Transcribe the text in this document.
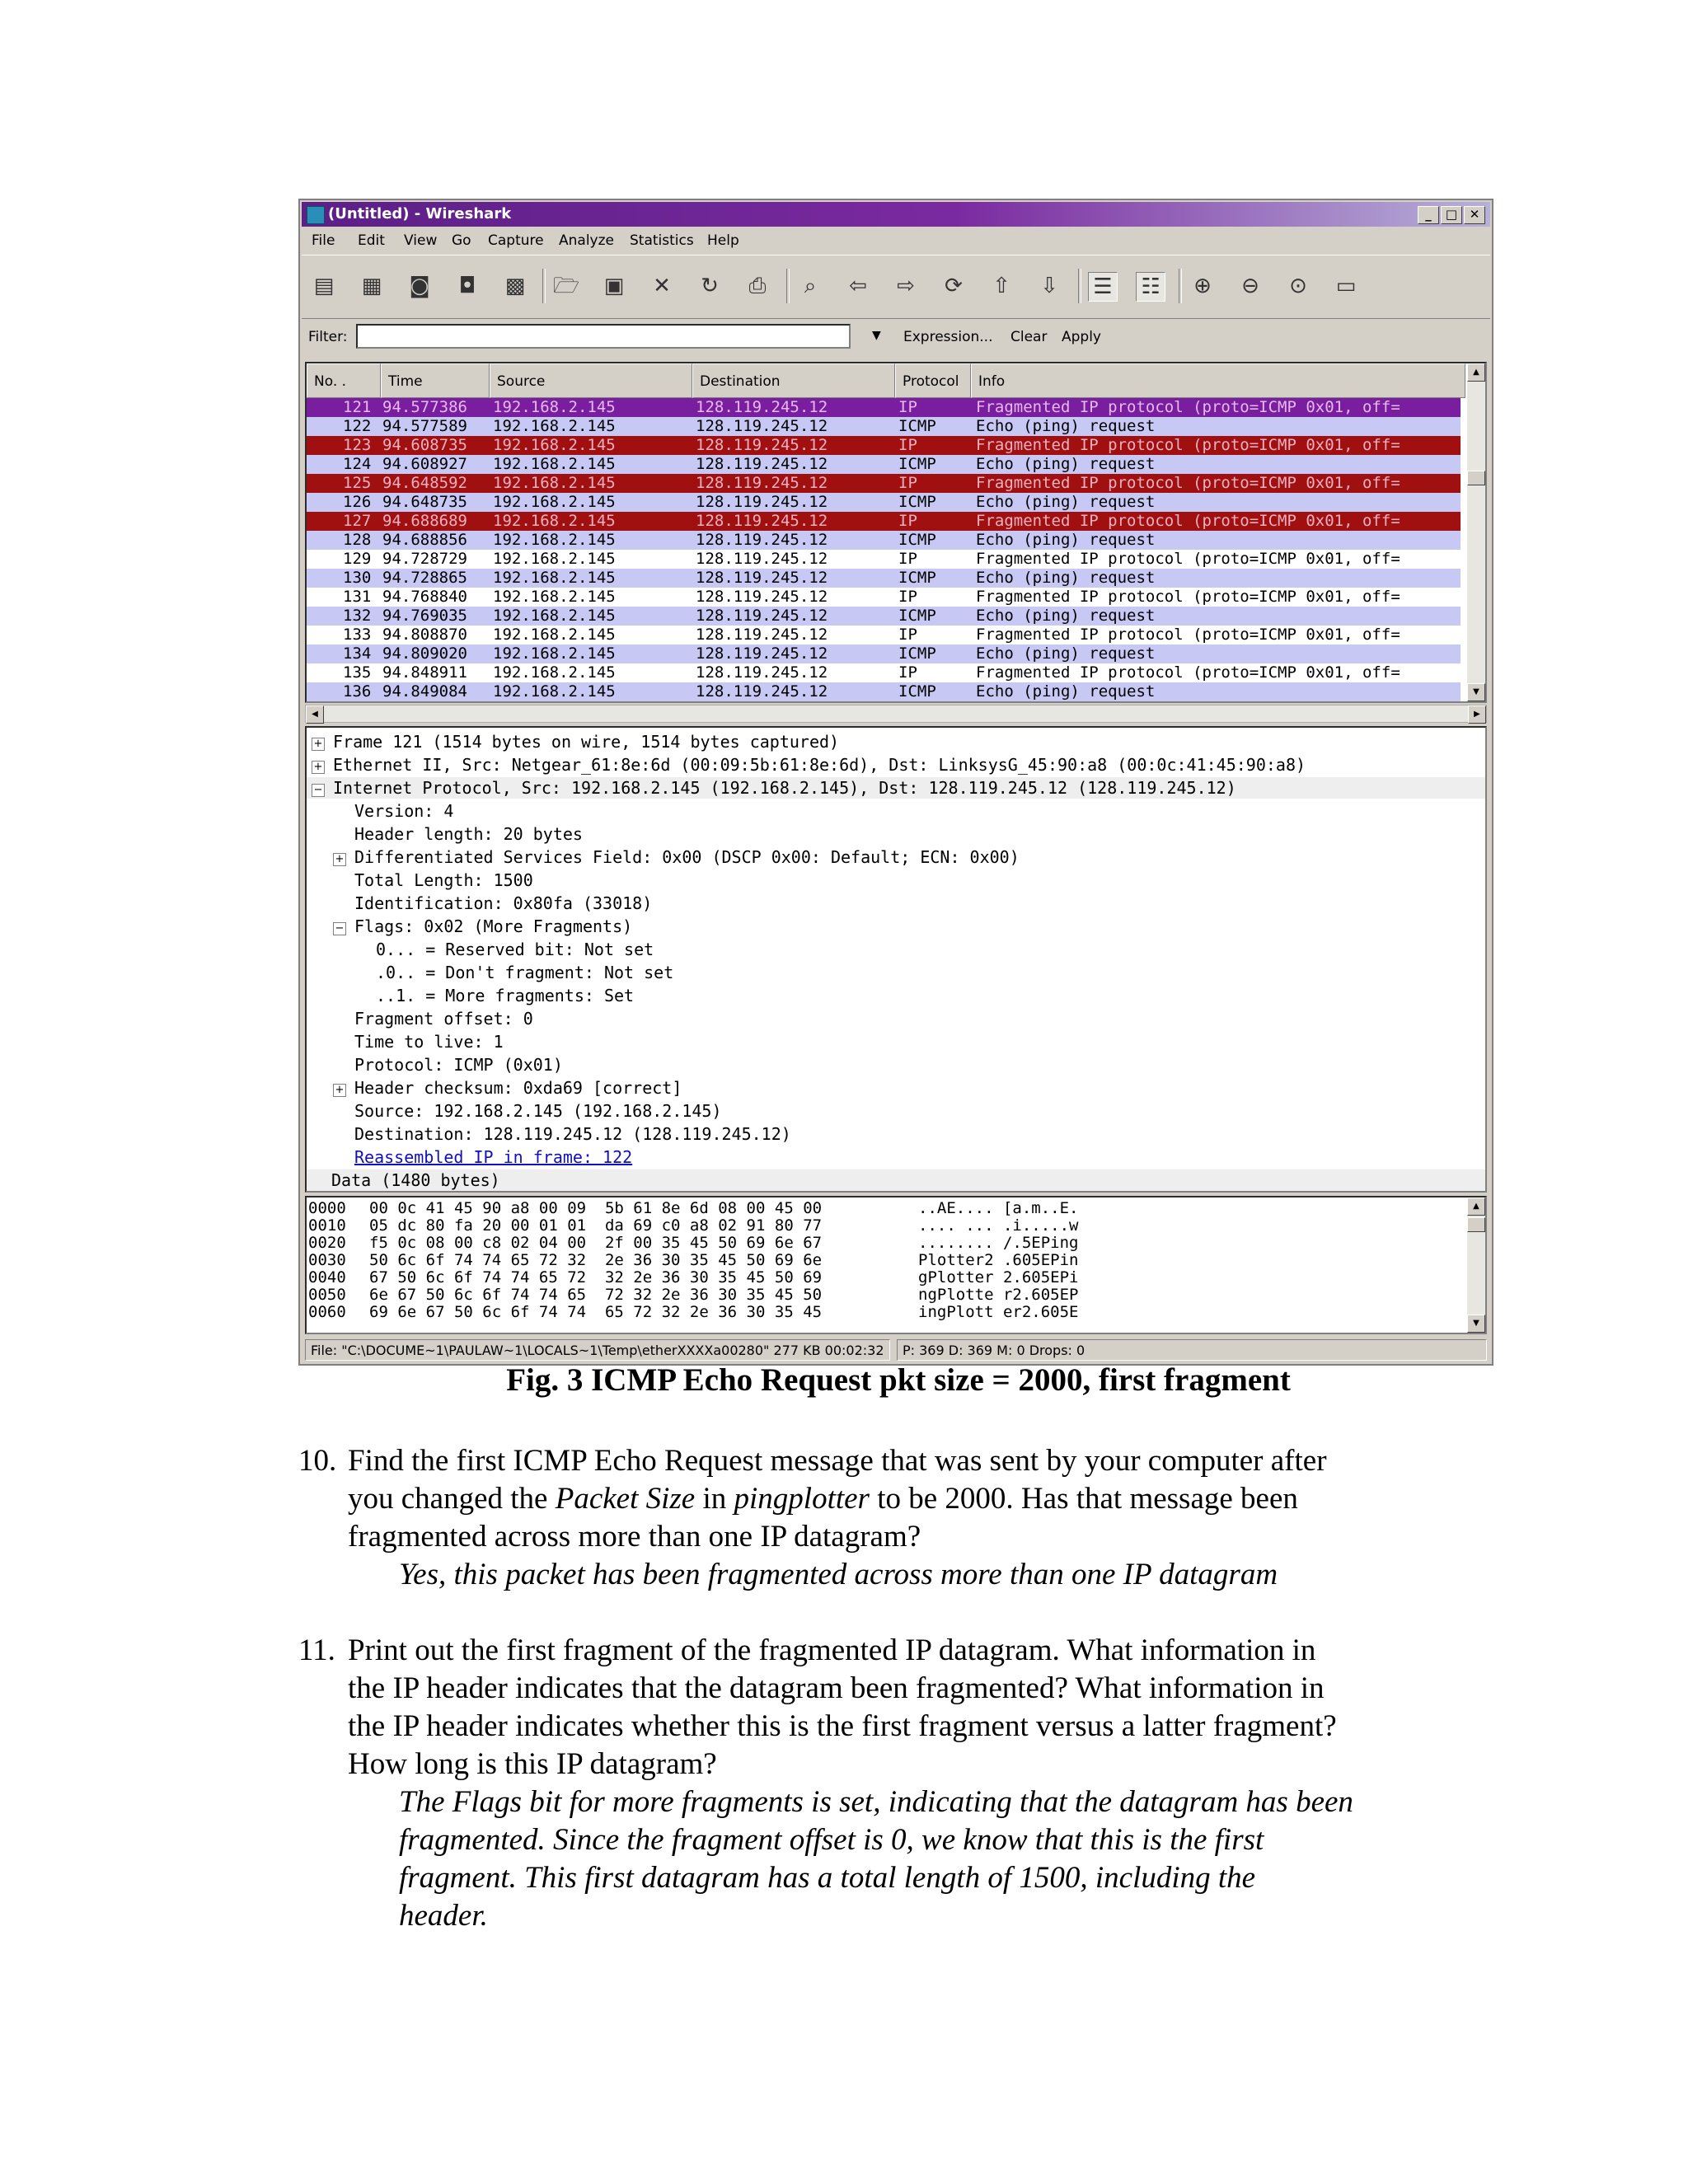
(Untitled) - Wireshark	_	□ ✕
File Edit View Go Capture Analyze Statistics Help
▤ ▦ ◙ ◘ ▩ 🗁 ▣ ✕ ↻ ⎙	⌕	⇦ ⇨ ⟳ ⇧ ⇩ ☰ ☷ ⊕ ⊖ ⊙ ▭
Filter:	▼ Expression... Clear Apply
No. .	Time	Source	Destination	Protocol	Info
121 94.577386 192.168.2.145	128.119.245.12	IP	Fragmented IP protocol (proto=ICMP 0x01, off=
122 94.577589 192.168.2.145	128.119.245.12	ICMP	Echo (ping) request
123 94.608735 192.168.2.145	128.119.245.12	IP	Fragmented IP protocol (proto=ICMP 0x01, off=
124 94.608927 192.168.2.145	128.119.245.12	ICMP	Echo (ping) request
125 94.648592 192.168.2.145	128.119.245.12	IP	Fragmented IP protocol (proto=ICMP 0x01, off=
126 94.648735 192.168.2.145	128.119.245.12	ICMP	Echo (ping) request
127 94.688689 192.168.2.145	128.119.245.12	IP	Fragmented IP protocol (proto=ICMP 0x01, off=
128 94.688856 192.168.2.145	128.119.245.12	ICMP	Echo (ping) request
129 94.728729 192.168.2.145	128.119.245.12	IP	Fragmented IP protocol (proto=ICMP 0x01, off=
130 94.728865 192.168.2.145	128.119.245.12	ICMP	Echo (ping) request
131 94.768840 192.168.2.145	128.119.245.12	IP	Fragmented IP protocol (proto=ICMP 0x01, off=
132 94.769035 192.168.2.145	128.119.245.12	ICMP	Echo (ping) request
133 94.808870 192.168.2.145	128.119.245.12	IP	Fragmented IP protocol (proto=ICMP 0x01, off=
134 94.809020 192.168.2.145	128.119.245.12	ICMP	Echo (ping) request
135 94.848911 192.168.2.145	128.119.245.12	IP	Fragmented IP protocol (proto=ICMP 0x01, off=
136 94.849084 192.168.2.145	128.119.245.12	ICMP	Echo (ping) request
▲
▼
◀	▶
+ Frame 121 (1514 bytes on wire, 1514 bytes captured)
+ Ethernet II, Src: Netgear_61:8e:6d (00:09:5b:61:8e:6d), Dst: LinksysG_45:90:a8 (00:0c:41:45:90:a8)
− Internet Protocol, Src: 192.168.2.145 (192.168.2.145), Dst: 128.119.245.12 (128.119.245.12)
Version: 4
Header length: 20 bytes
+ Differentiated Services Field: 0x00 (DSCP 0x00: Default; ECN: 0x00)
Total Length: 1500
Identification: 0x80fa (33018)
− Flags: 0x02 (More Fragments)
0... = Reserved bit: Not set
.0.. = Don't fragment: Not set
..1. = More fragments: Set
Fragment offset: 0
Time to live: 1
Protocol: ICMP (0x01)
+ Header checksum: 0xda69 [correct]
Source: 192.168.2.145 (192.168.2.145)
Destination: 128.119.245.12 (128.119.245.12)
Reassembled IP in frame: 122
Data (1480 bytes)
0000 00 0c 41 45 90 a8 00 09  5b 61 8e 6d 08 00 45 00	..AE.... [a.m..E.
0010 05 dc 80 fa 20 00 01 01  da 69 c0 a8 02 91 80 77	.... ... .i.....w
0020 f5 0c 08 00 c8 02 04 00  2f 00 35 45 50 69 6e 67	........ /.5EPing
0030 50 6c 6f 74 74 65 72 32  2e 36 30 35 45 50 69 6e	Plotter2 .605EPin
0040 67 50 6c 6f 74 74 65 72  32 2e 36 30 35 45 50 69	gPlotter 2.605EPi
0050 6e 67 50 6c 6f 74 74 65  72 32 2e 36 30 35 45 50	ngPlotte r2.605EP
0060 69 6e 67 50 6c 6f 74 74  65 72 32 2e 36 30 35 45	ingPlott er2.605E
▲
▼
File: "C:\DOCUME~1\PAULAW~1\LOCALS~1\Temp\etherXXXXa00280" 277 KB 00:02:32	P: 369 D: 369 M: 0 Drops: 0
Fig. 3 ICMP Echo Request pkt size = 2000, first fragment
10. Find the first ICMP Echo Request message that was sent by your computer after
you changed the Packet Size in pingplotter to be 2000. Has that message been
fragmented across more than one IP datagram?
Yes, this packet has been fragmented across more than one IP datagram
11. Print out the first fragment of the fragmented IP datagram. What information in
the IP header indicates that the datagram been fragmented? What information in
the IP header indicates whether this is the first fragment versus a latter fragment?
How long is this IP datagram?
The Flags bit for more fragments is set, indicating that the datagram has been
fragmented. Since the fragment offset is 0, we know that this is the first
fragment. This first datagram has a total length of 1500, including the
header.
